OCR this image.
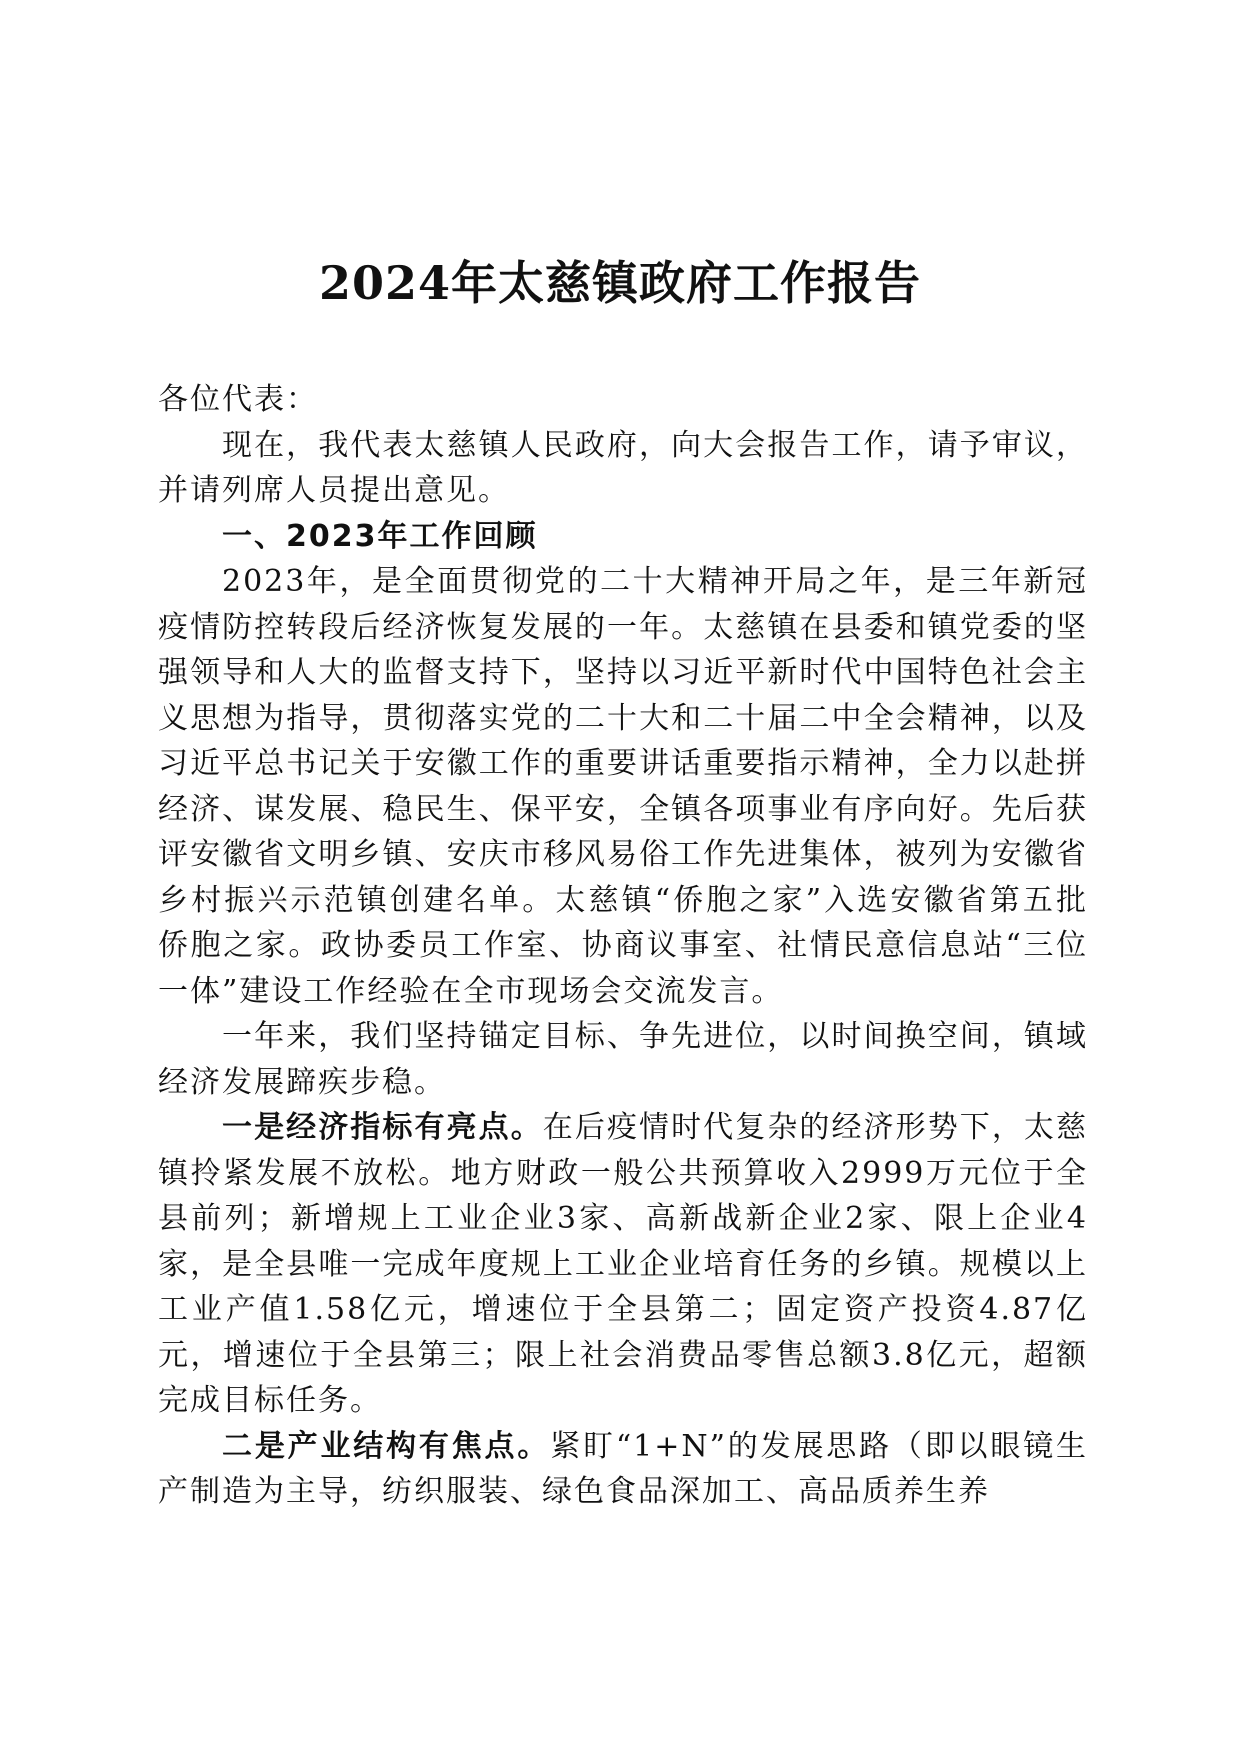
2024年太慈镇政府工作报告

各位代表：

现在，我代表太慈镇人民政府，向大会报告工作，请予审议，并请列席人员提出意见。

一、2023年工作回顾

2023年，是全面贯彻党的二十大精神开局之年，是三年新冠疫情防控转段后经济恢复发展的一年。太慈镇在县委和镇党委的坚强领导和人大的监督支持下，坚持以习近平新时代中国特色社会主义思想为指导，贯彻落实党的二十大和二十届二中全会精神，以及习近平总书记关于安徽工作的重要讲话重要指示精神，全力以赴拼经济、谋发展、稳民生、保平安，全镇各项事业有序向好。先后获评安徽省文明乡镇、安庆市移风易俗工作先进集体，被列为安徽省乡村振兴示范镇创建名单。太慈镇“侨胞之家”入选安徽省第五批侨胞之家。政协委员工作室、协商议事室、社情民意信息站“三位一体”建设工作经验在全市现场会交流发言。

一年来，我们坚持锚定目标、争先进位，以时间换空间，镇域经济发展蹄疾步稳。

一是经济指标有亮点。在后疫情时代复杂的经济形势下，太慈镇拎紧发展不放松。地方财政一般公共预算收入2999万元位于全县前列；新增规上工业企业3家、高新战新企业2家、限上企业4家，是全县唯一完成年度规上工业企业培育任务的乡镇。规模以上工业产值1.58亿元，增速位于全县第二；固定资产投资4.87亿元，增速位于全县第三；限上社会消费品零售总额3.8亿元，超额完成目标任务。

二是产业结构有焦点。紧盯“1+N”的发展思路（即以眼镜生产制造为主导，纺织服装、绿色食品深加工、高品质养生养
